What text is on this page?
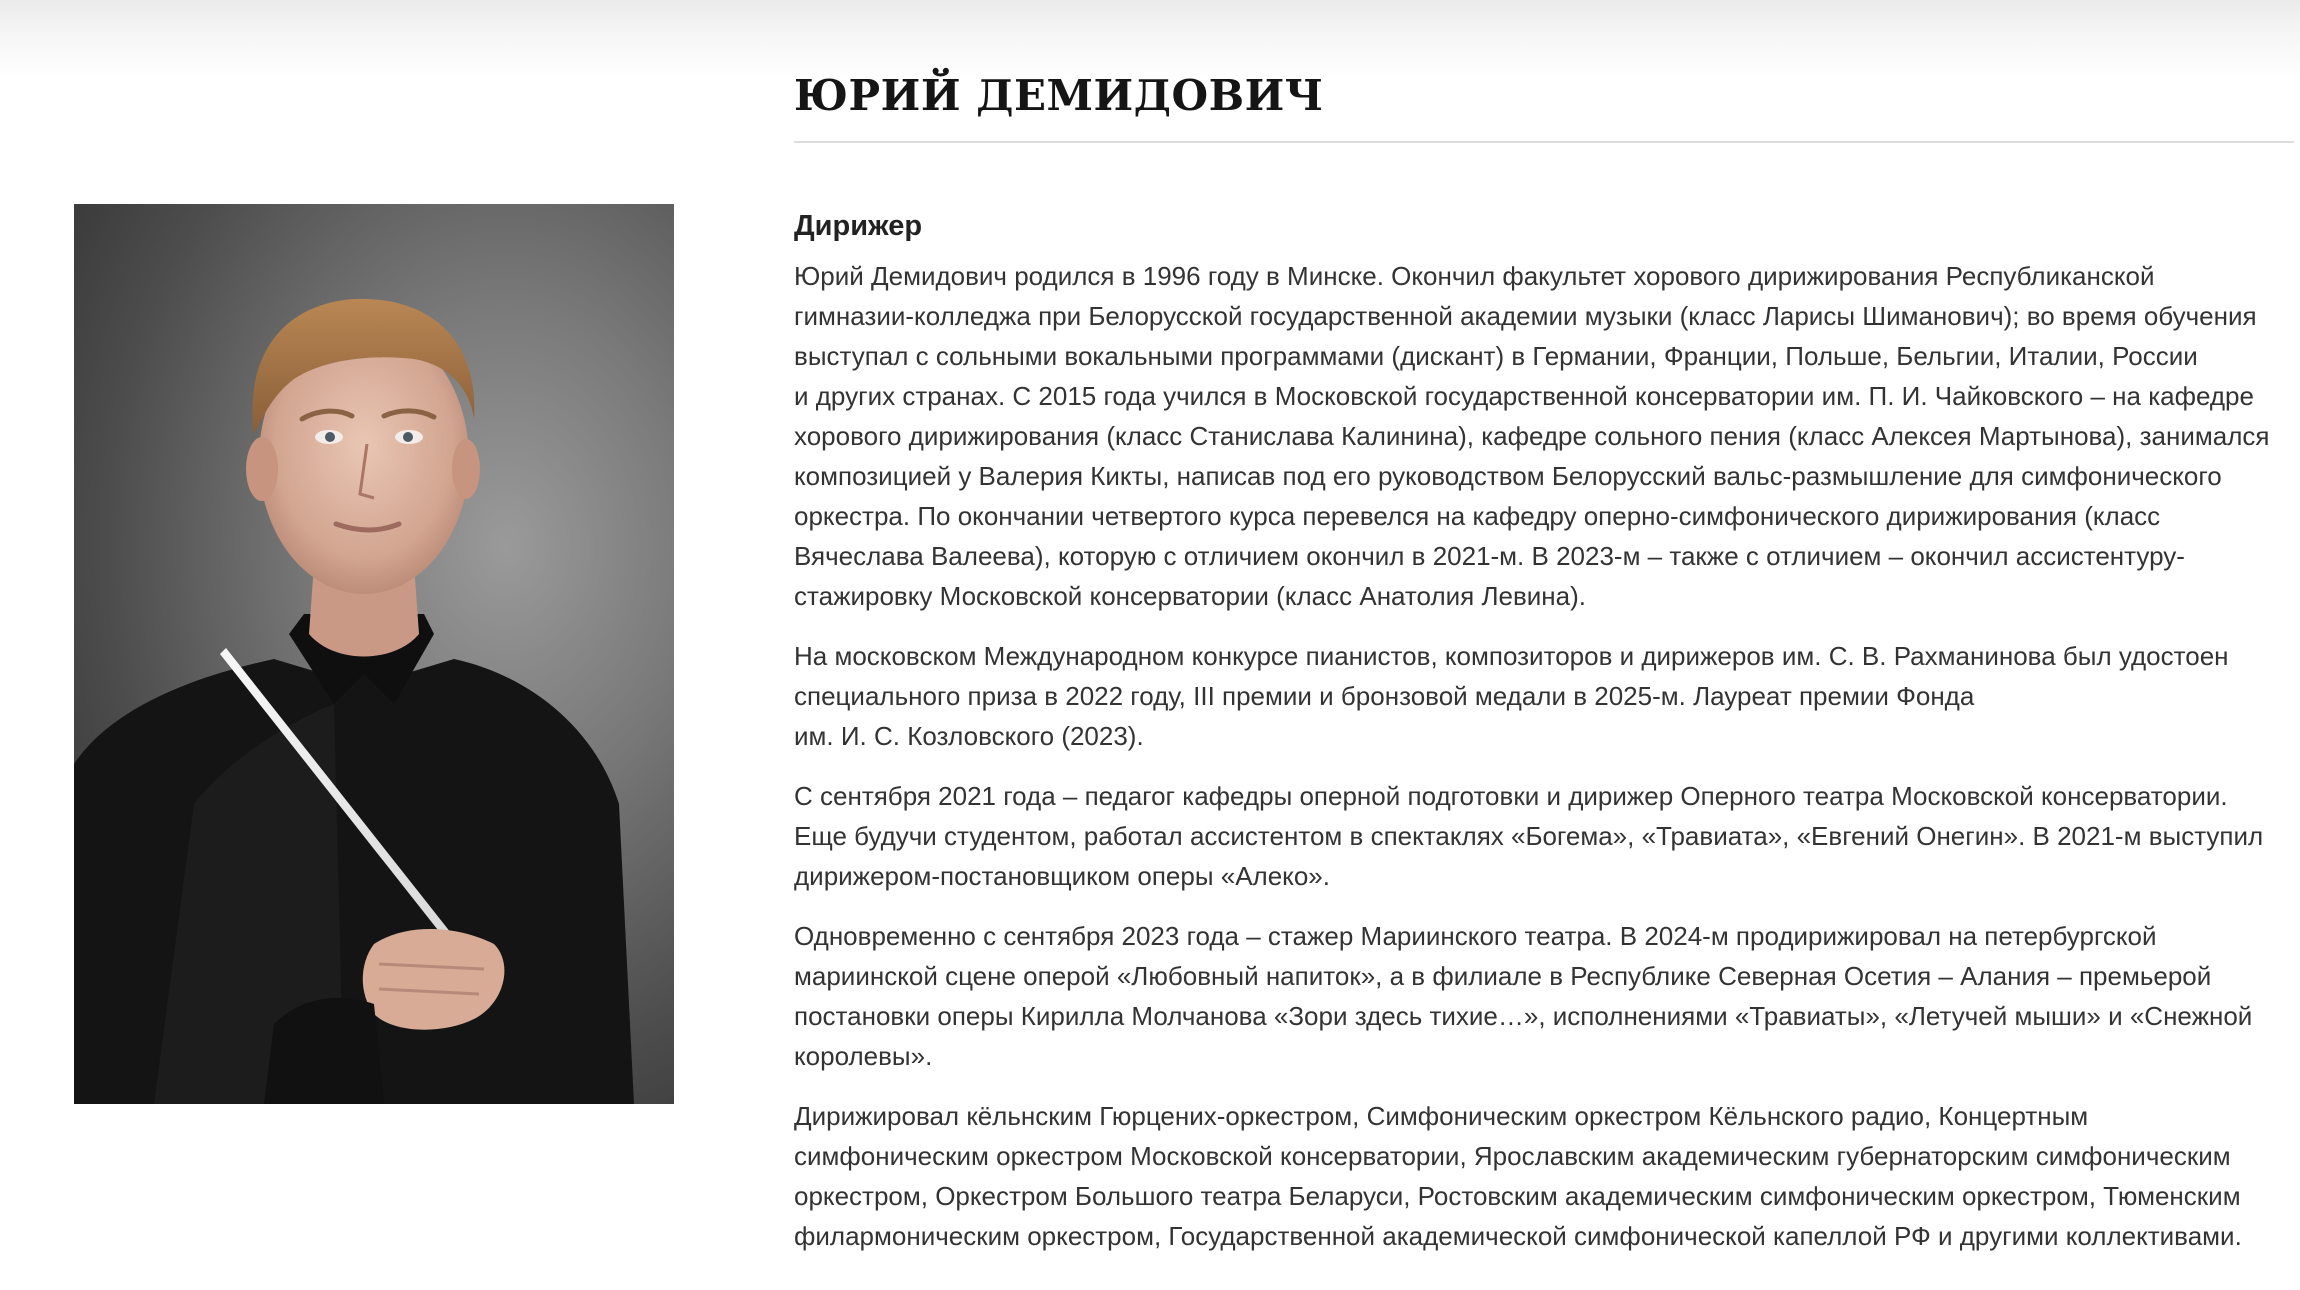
ЮРИЙ ДЕМИДОВИЧ
Дирижер

Юрий Демидович родился в 1996 году в Минске. Окончил факультет хорового дирижирования Республиканской
гимназии-колледжа при Белорусской государственной академии музыки (класс Ларисы Шиманович); во время обучения
выступал с сольными вокальными программами (дискант) в Германии, Франции, Польше, Бельгии, Италии, России
и других странах. С 2015 года учился в Московской государственной консерватории им. П. И. Чайковского – на кафедре
хорового дирижирования (класс Станислава Калинина), кафедре сольного пения (класс Алексея Мартынова), занимался
композицией у Валерия Кикты, написав под его руководством Белорусский вальс-размышление для симфонического
оркестра. По окончании четвертого курса перевелся на кафедру оперно-симфонического дирижирования (класс
Вячеслава Валеева), которую с отличием окончил в 2021-м. В 2023-м – также с отличием – окончил ассистентуру-
стажировку Московской консерватории (класс Анатолия Левина).

На московском Международном конкурсе пианистов, композиторов и дирижеров им. С. В. Рахманинова был удостоен
специального приза в 2022 году, III премии и бронзовой медали в 2025-м. Лауреат премии Фонда
им. И. С. Козловского (2023).

С сентября 2021 года – педагог кафедры оперной подготовки и дирижер Оперного театра Московской консерватории.
Еще будучи студентом, работал ассистентом в спектаклях «Богема», «Травиата», «Евгений Онегин». В 2021-м выступил
дирижером-постановщиком оперы «Алеко».

Одновременно с сентября 2023 года – стажер Мариинского театра. В 2024-м продирижировал на петербургской
мариинской сцене оперой «Любовный напиток», а в филиале в Республике Северная Осетия – Алания – премьерой
постановки оперы Кирилла Молчанова «Зори здесь тихие…», исполнениями «Травиаты», «Летучей мыши» и «Снежной
королевы».

Дирижировал кёльнским Гюрцених-оркестром, Симфоническим оркестром Кёльнского радио, Концертным
симфоническим оркестром Московской консерватории, Ярославским академическим губернаторским симфоническим
оркестром, Оркестром Большого театра Беларуси, Ростовским академическим симфоническим оркестром, Тюменским
филармоническим оркестром, Государственной академической симфонической капеллой РФ и другими коллективами.
